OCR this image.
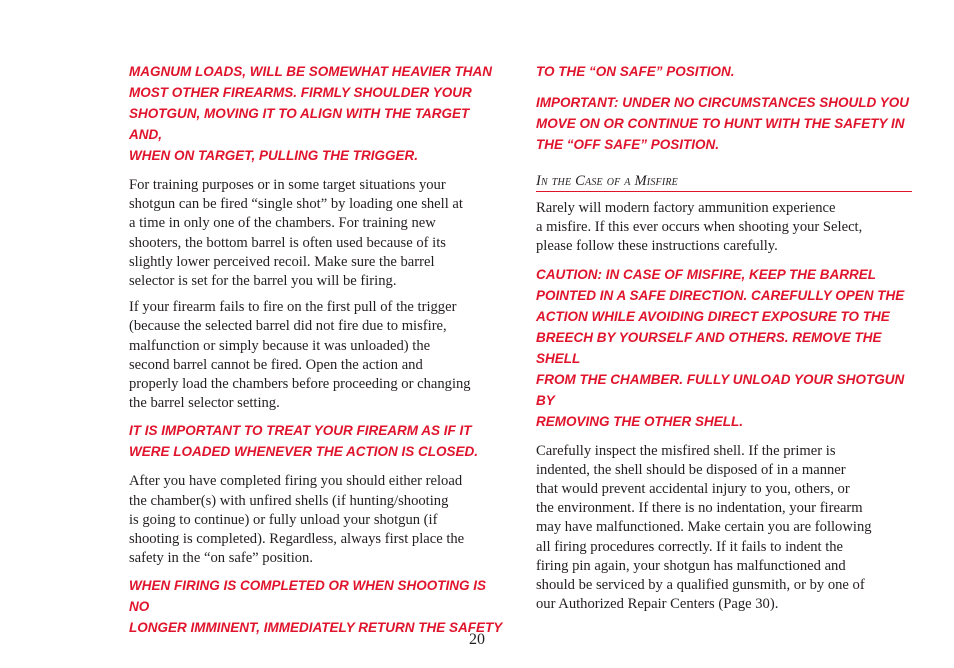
MAGNUM LOADS, WILL BE SOMEWHAT HEAVIER THAN
MOST OTHER FIREARMS. FIRMLY SHOULDER YOUR
SHOTGUN, MOVING IT TO ALIGN WITH THE TARGET AND,
WHEN ON TARGET, PULLING THE TRIGGER.

For training purposes or in some target situations your
shotgun can be fired “single shot” by loading one shell at
a time in only one of the chambers. For training new
shooters, the bottom barrel is often used because of its
slightly lower perceived recoil. Make sure the barrel
selector is set for the barrel you will be firing.

If your firearm fails to fire on the first pull of the trigger
(because the selected barrel did not fire due to misfire,
malfunction or simply because it was unloaded) the
second barrel cannot be fired. Open the action and
properly load the chambers before proceeding or changing
the barrel selector setting.

IT IS IMPORTANT TO TREAT YOUR FIREARM AS IF IT
WERE LOADED WHENEVER THE ACTION IS CLOSED.

After you have completed firing you should either reload
the chamber(s) with unfired shells (if hunting/shooting
is going to continue) or fully unload your shotgun (if
shooting is completed). Regardless, always first place the
safety in the “on safe” position.

WHEN FIRING IS COMPLETED OR WHEN SHOOTING IS NO
LONGER IMMINENT, IMMEDIATELY RETURN THE SAFETY

TO THE “ON SAFE” POSITION.

IMPORTANT: UNDER NO CIRCUMSTANCES SHOULD YOU
MOVE ON OR CONTINUE TO HUNT WITH THE SAFETY IN
THE “OFF SAFE” POSITION.

In the Case of a Misfire

Rarely will modern factory ammunition experience
a misfire. If this ever occurs when shooting your Select,
please follow these instructions carefully.

CAUTION: IN CASE OF MISFIRE, KEEP THE BARREL
POINTED IN A SAFE DIRECTION. CAREFULLY OPEN THE
ACTION WHILE AVOIDING DIRECT EXPOSURE TO THE
BREECH BY YOURSELF AND OTHERS. REMOVE THE SHELL
FROM THE CHAMBER. FULLY UNLOAD YOUR SHOTGUN BY
REMOVING THE OTHER SHELL.

Carefully inspect the misfired shell. If the primer is
indented, the shell should be disposed of in a manner
that would prevent accidental injury to you, others, or
the environment. If there is no indentation, your firearm
may have malfunctioned. Make certain you are following
all firing procedures correctly. If it fails to indent the
firing pin again, your shotgun has malfunctioned and
should be serviced by a qualified gunsmith, or by one of
our Authorized Repair Centers (Page 30).

20
